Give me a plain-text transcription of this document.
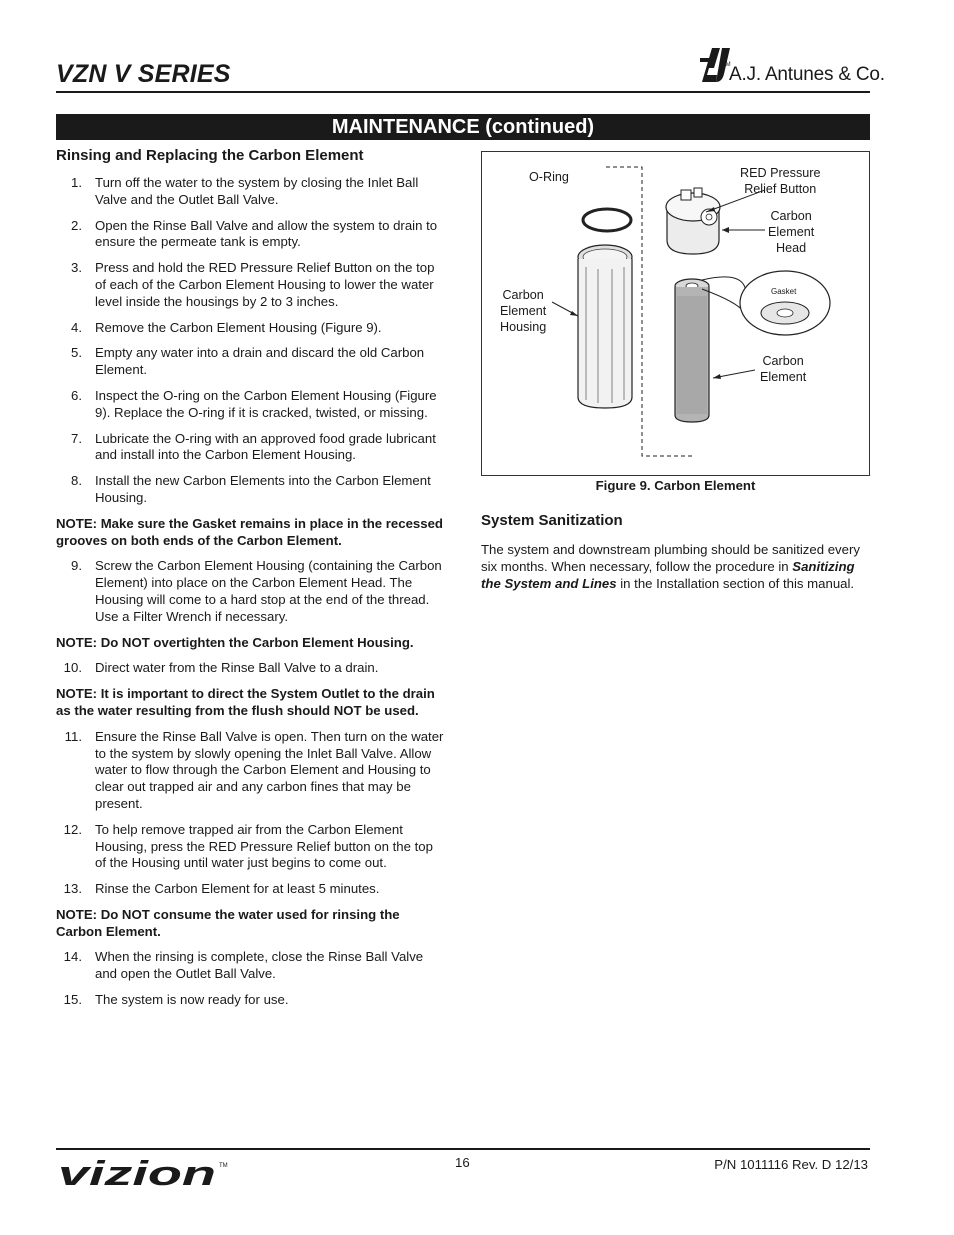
VZN V SERIES	TM
A.J. Antunes & Co.
MAINTENANCE (continued)
Rinsing and Replacing the Carbon Element
1. Turn off the water to the system by closing the Inlet Ball Valve and the Outlet Ball Valve.
2. Open the Rinse Ball Valve and allow the system to drain to ensure the permeate tank is empty.
3. Press and hold the RED Pressure Relief Button on the top of each of the Carbon Element Housing to lower the water level inside the housings by 2 to 3 inches.
4. Remove the Carbon Element Housing (Figure 9).
5. Empty any water into a drain and discard the old Carbon Element.
6. Inspect the O-ring on the Carbon Element Housing (Figure 9). Replace the O-ring if it is cracked, twisted, or missing.
7. Lubricate the O-ring with an approved food grade lubricant and install into the Carbon Element Housing.
8. Install the new Carbon Elements into the Carbon Element Housing.
NOTE: Make sure the Gasket remains in place in the recessed grooves on both ends of the Carbon Element.
9. Screw the Carbon Element Housing (containing the Carbon Element) into place on the Carbon Element Head. The Housing will come to a hard stop at the end of the thread. Use a Filter Wrench if necessary.
NOTE: Do NOT overtighten the Carbon Element Housing.
10. Direct water from the Rinse Ball Valve to a drain.
NOTE: It is important to direct the System Outlet to the drain as the water resulting from the flush should NOT be used.
11. Ensure the Rinse Ball Valve is open. Then turn on the water to the system by slowly opening the Inlet Ball Valve. Allow water to flow through the Carbon Element and Housing to clear out trapped air and any carbon fines that may be present.
12. To help remove trapped air from the Carbon Element Housing, press the RED Pressure Relief button on the top of the Housing until water just begins to come out.
13. Rinse the Carbon Element for at least 5 minutes.
NOTE: Do NOT consume the water used for rinsing the Carbon Element.
14. When the rinsing is complete, close the Rinse Ball Valve and open the Outlet Ball Valve.
15. The system is now ready for use.
O-Ring	RED Pressure
Relief Button
Carbon
Element
Head
Carbon
Element
Housing
Gasket
Carbon
Element
Figure 9. Carbon Element
System Sanitization

The system and downstream plumbing should be sanitized every six months. When necessary, follow the procedure in Sanitizing the System and Lines in the Installation section of this manual.

vizion TM	16	P/N 1011116 Rev. D 12/13
